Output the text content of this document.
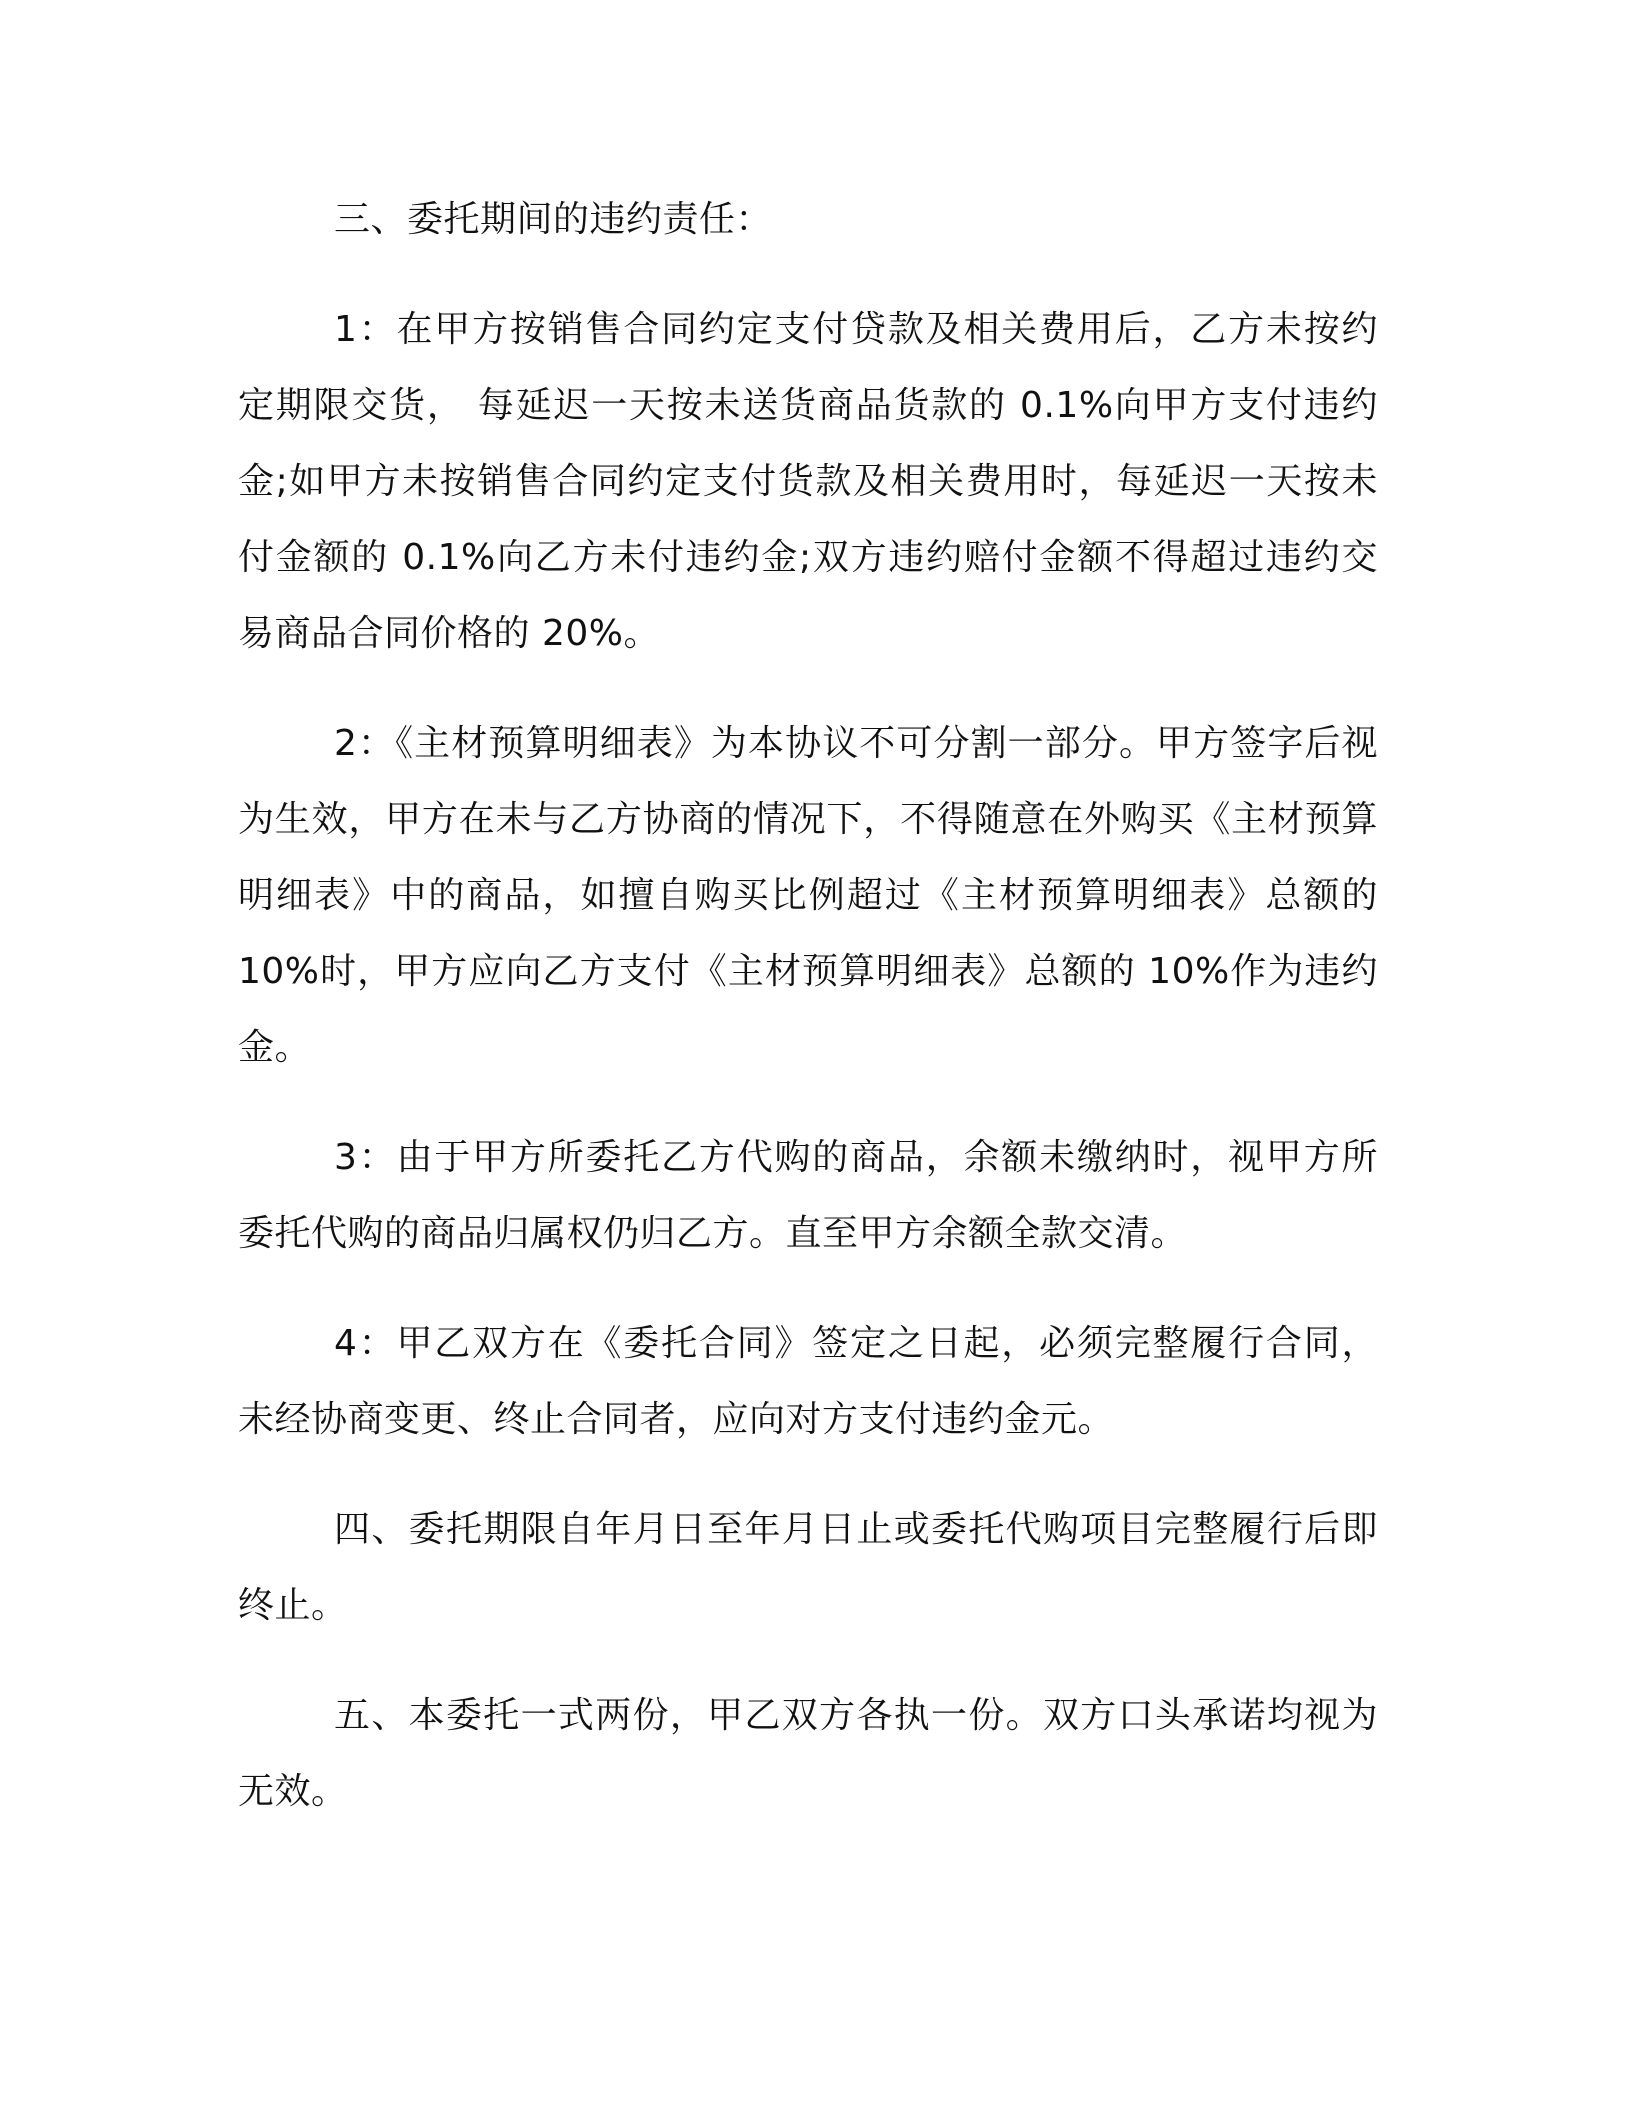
三、委托期间的违约责任：

1：在甲方按销售合同约定支付贷款及相关费用后，乙方未按约定期限交货， 每延迟一天按未送货商品货款的 0.1%向甲方支付违约金;如甲方未按销售合同约定支付货款及相关费用时，每延迟一天按未付金额的 0.1%向乙方未付违约金;双方违约赔付金额不得超过违约交易商品合同价格的 20%。

2：《主材预算明细表》为本协议不可分割一部分。甲方签字后视为生效，甲方在未与乙方协商的情况下，不得随意在外购买《主材预算明细表》中的商品，如擅自购买比例超过《主材预算明细表》总额的 10%时，甲方应向乙方支付《主材预算明细表》总额的 10%作为违约金。

3：由于甲方所委托乙方代购的商品，余额未缴纳时，视甲方所委托代购的商品归属权仍归乙方。直至甲方余额全款交清。

4：甲乙双方在《委托合同》签定之日起，必须完整履行合同，未经协商变更、终止合同者，应向对方支付违约金元。

四、委托期限自年月日至年月日止或委托代购项目完整履行后即终止。

五、本委托一式两份，甲乙双方各执一份。双方口头承诺均视为无效。
